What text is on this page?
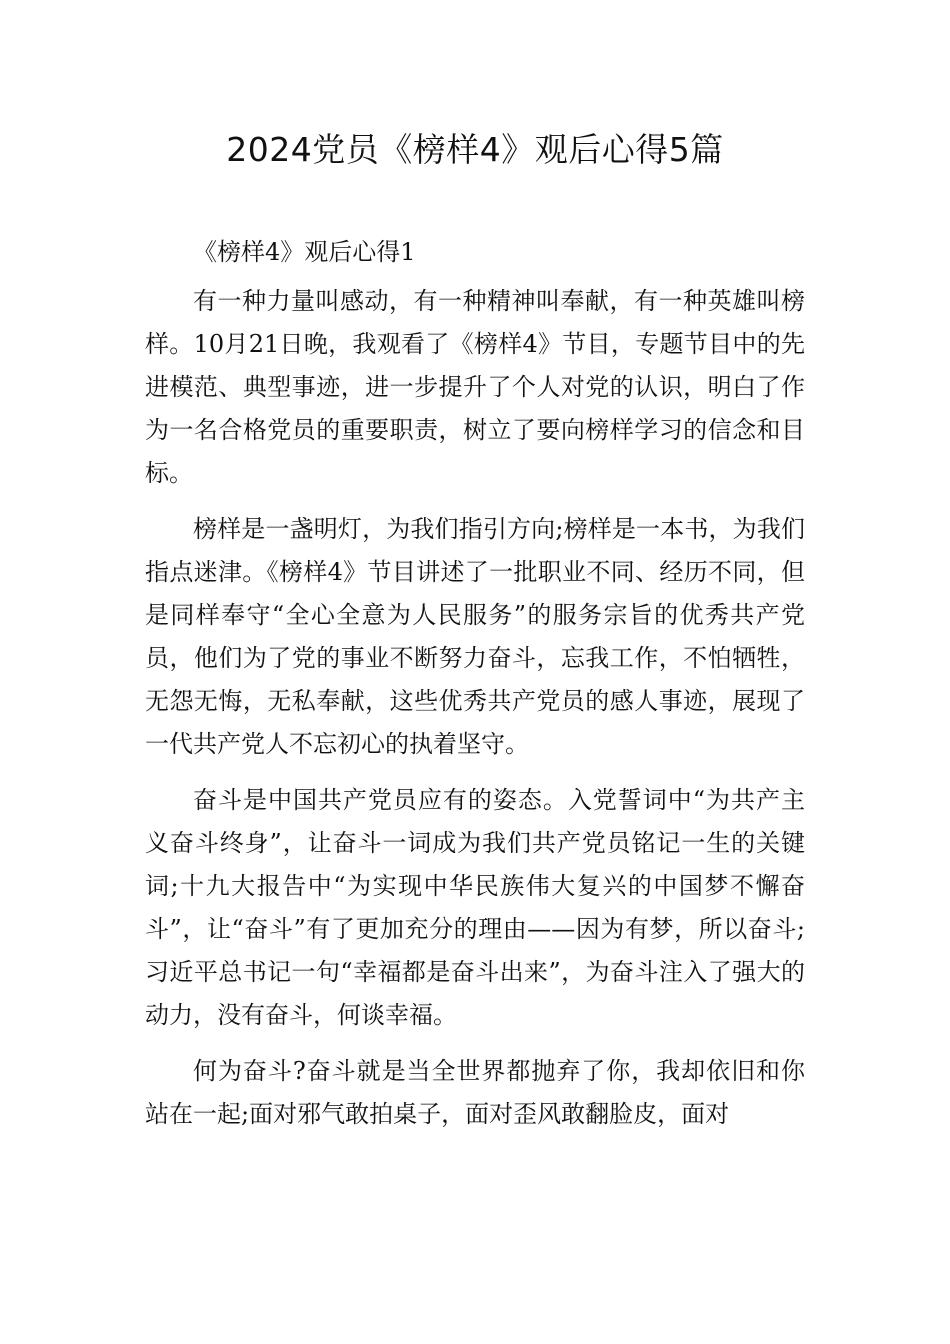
2024党员《榜样4》观后心得5篇

《榜样4》观后心得1

有一种力量叫感动，有一种精神叫奉献，有一种英雄叫榜样。10月21日晚，我观看了《榜样4》节目，专题节目中的先进模范、典型事迹，进一步提升了个人对党的认识，明白了作为一名合格党员的重要职责，树立了要向榜样学习的信念和目标。

榜样是一盏明灯，为我们指引方向;榜样是一本书，为我们指点迷津。《榜样4》节目讲述了一批职业不同、经历不同，但是同样奉守“全心全意为人民服务”的服务宗旨的优秀共产党员，他们为了党的事业不断努力奋斗，忘我工作，不怕牺牲，无怨无悔，无私奉献，这些优秀共产党员的感人事迹，展现了一代共产党人不忘初心的执着坚守。

奋斗是中国共产党员应有的姿态。入党誓词中“为共产主义奋斗终身”，让奋斗一词成为我们共产党员铭记一生的关键词;十九大报告中“为实现中华民族伟大复兴的中国梦不懈奋斗”，让“奋斗”有了更加充分的理由——因为有梦，所以奋斗;习近平总书记一句“幸福都是奋斗出来”，为奋斗注入了强大的动力，没有奋斗，何谈幸福。

何为奋斗?奋斗就是当全世界都抛弃了你，我却依旧和你站在一起;面对邪气敢拍桌子，面对歪风敢翻脸皮，面对
